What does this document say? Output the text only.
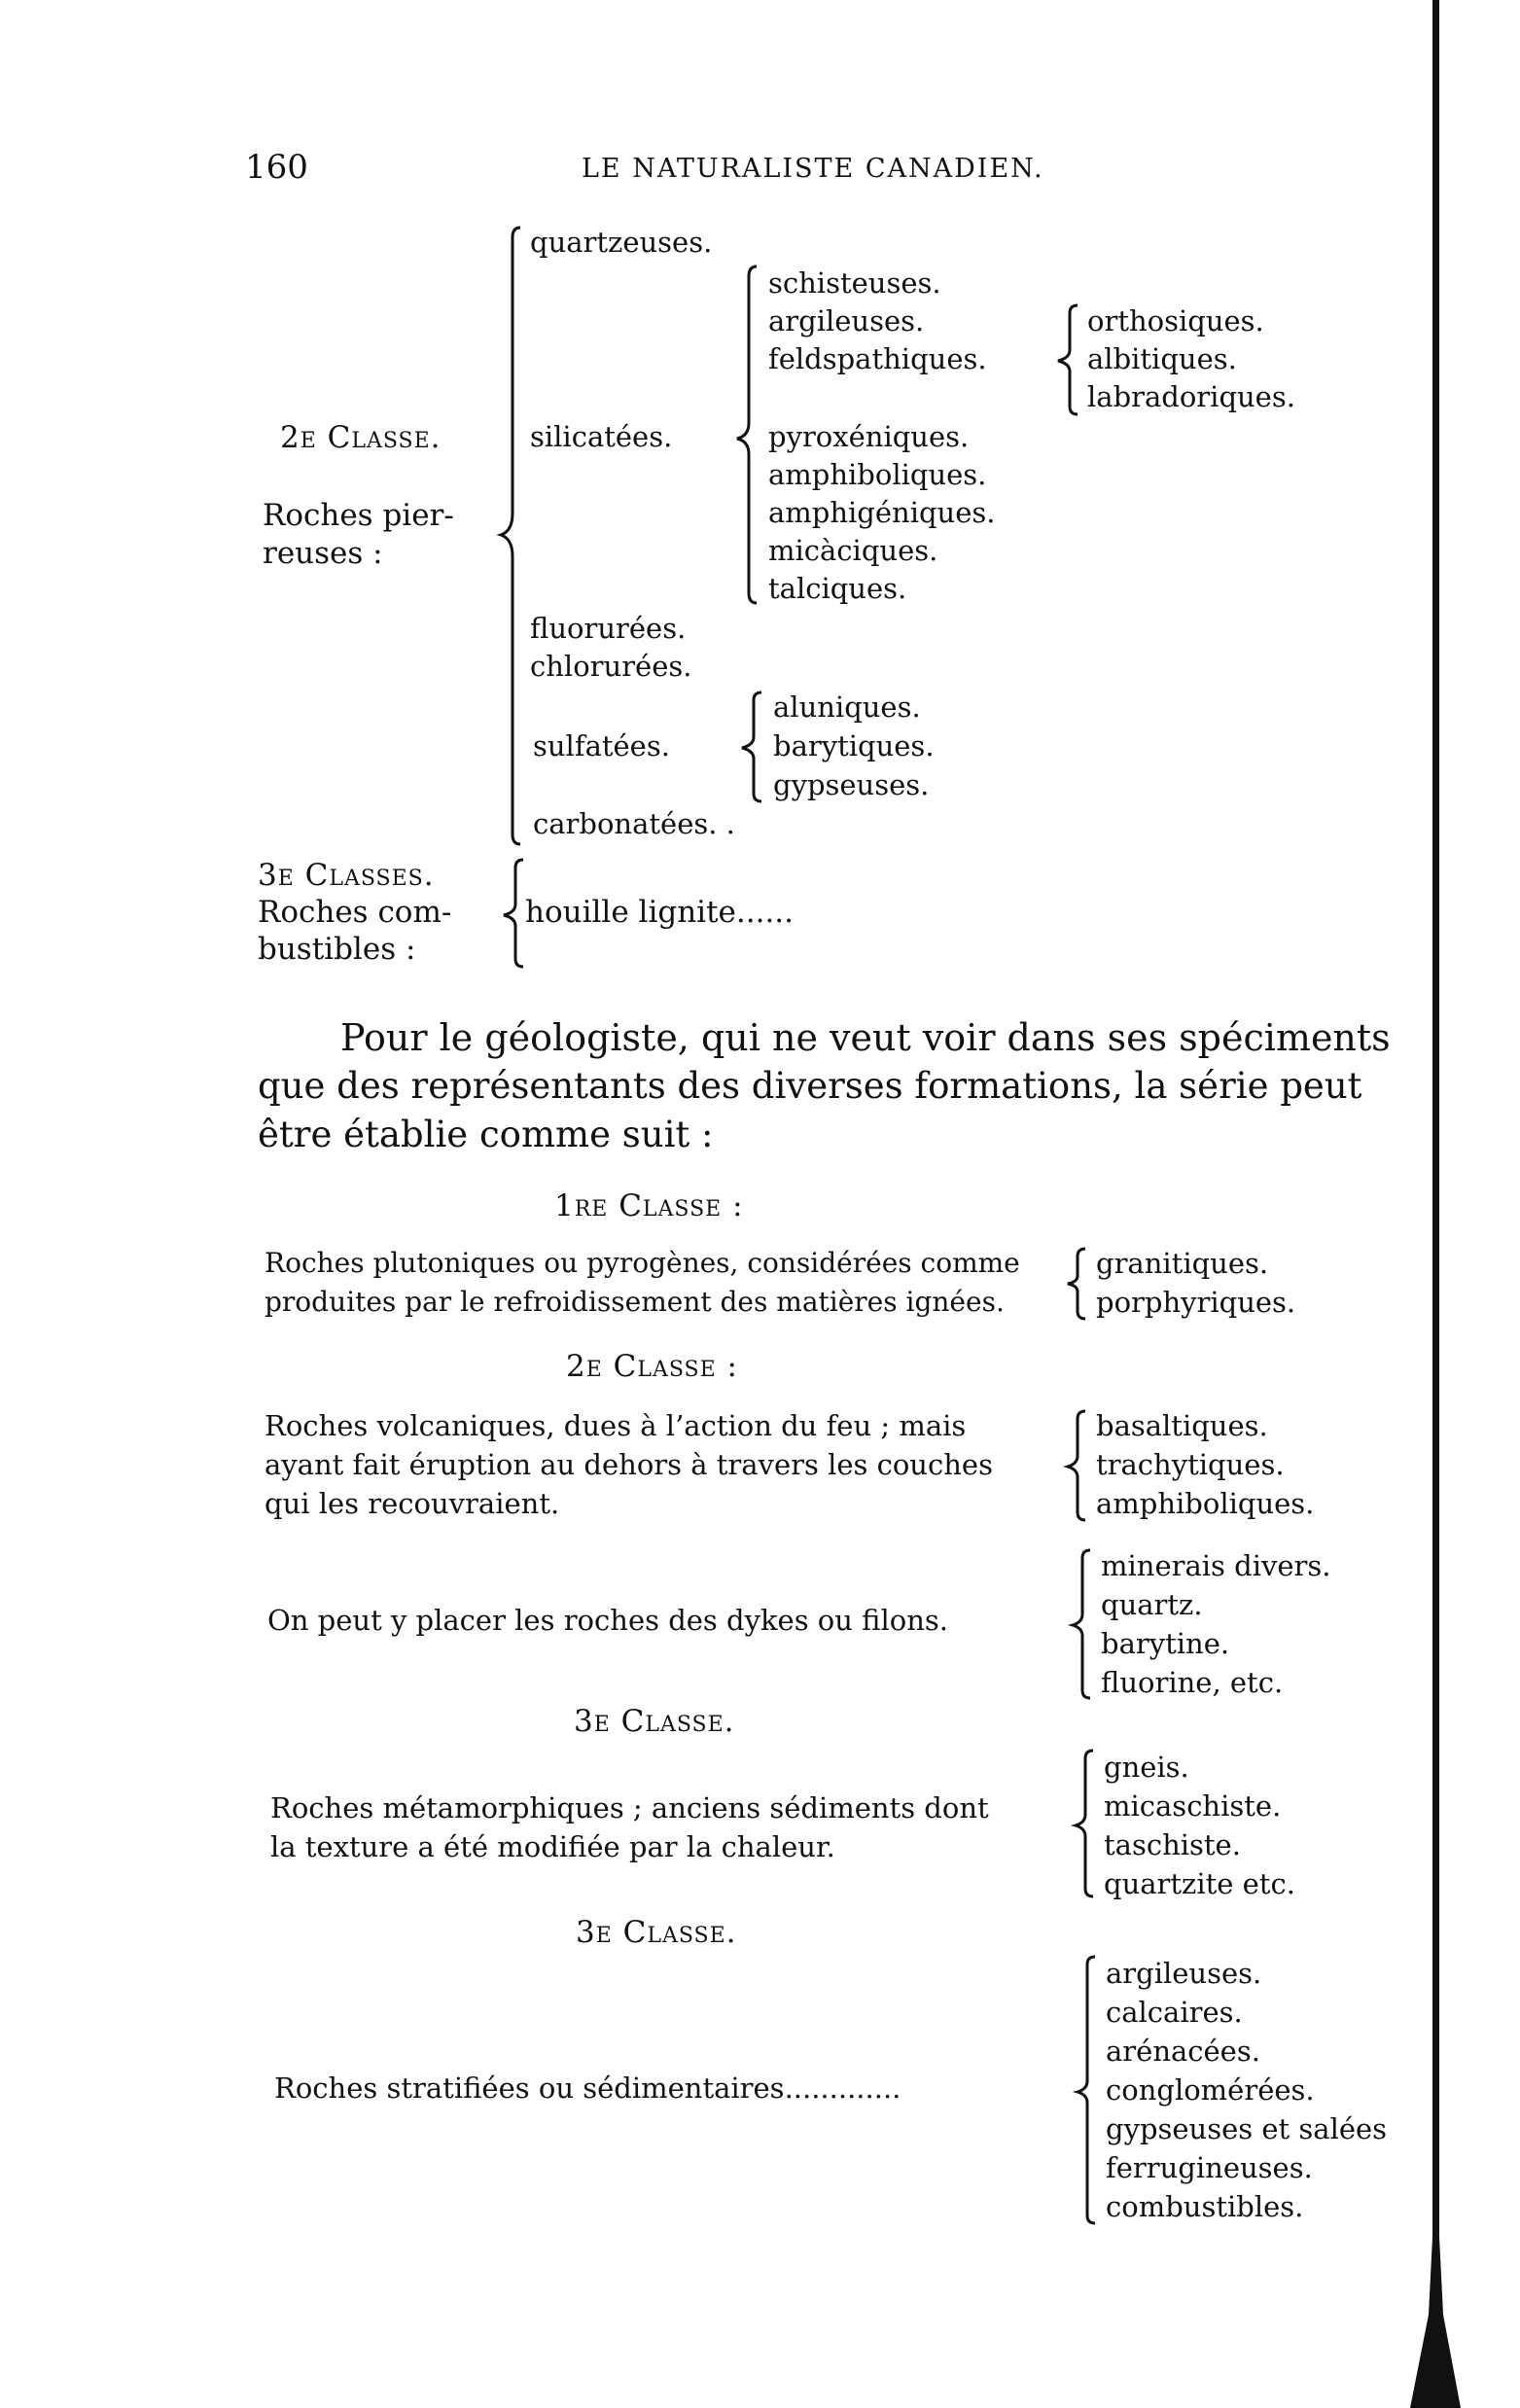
160	LE NATURALISTE CANADIEN.
quartzeuses.
schisteuses.
argileuses.
feldspathiques.
pyroxéniques.
amphiboliques.
amphigéniques.
micàciques.
talciques.
orthosiques.
albitiques.
labradoriques.
2e Classe.	silicatées.
Roches pier-
reuses :
fluorurées.
chlorurées.
sulfatées.
aluniques.
barytiques.
gypseuses.
carbonatées. .
3e Classes.
Roches com-
bustibles :
houille lignite......
Pour le géologiste, qui ne veut voir dans ses spéciments
que des représentants des diverses formations, la série peut
être établie comme suit :
1re Classe :
Roches plutoniques ou pyrogènes, considérées comme
produites par le refroidissement des matières ignées.
granitiques.
porphyriques.
2e Classe :
Roches volcaniques, dues à l’action du feu ; mais
ayant fait éruption au dehors à travers les couches
qui les recouvraient.
basaltiques.
trachytiques.
amphiboliques.
On peut y placer les roches des dykes ou filons.
minerais divers.
quartz.
barytine.
fluorine, etc.
3e Classe.
Roches métamorphiques ; anciens sédiments dont
la texture a été modifiée par la chaleur.
gneis.
micaschiste.
taschiste.
quartzite etc.
3e Classe.
Roches stratifiées ou sédimentaires.............
argileuses.
calcaires.
arénacées.
conglomérées.
gypseuses et salées
ferrugineuses.
combustibles.
